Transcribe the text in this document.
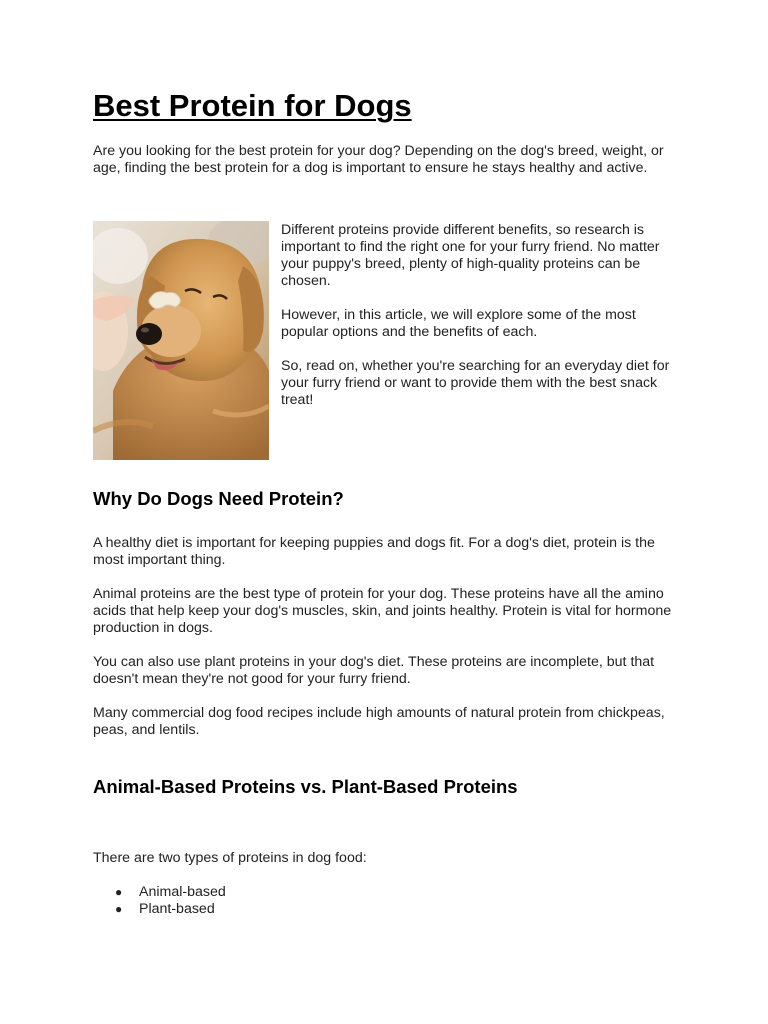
Best Protein for Dogs

Are you looking for the best protein for your dog? Depending on the dog's breed, weight, or age, finding the best protein for a dog is important to ensure he stays healthy and active.

Different proteins provide different benefits, so research is important to find the right one for your furry friend. No matter your puppy's breed, plenty of high-quality proteins can be chosen.

However, in this article, we will explore some of the most popular options and the benefits of each.

So, read on, whether you're searching for an everyday diet for your furry friend or want to provide them with the best snack treat!

Why Do Dogs Need Protein?

A healthy diet is important for keeping puppies and dogs fit. For a dog's diet, protein is the most important thing.

Animal proteins are the best type of protein for your dog. These proteins have all the amino acids that help keep your dog's muscles, skin, and joints healthy. Protein is vital for hormone production in dogs.

You can also use plant proteins in your dog's diet. These proteins are incomplete, but that doesn't mean they're not good for your furry friend.

Many commercial dog food recipes include high amounts of natural protein from chickpeas, peas, and lentils.

Animal-Based Proteins vs. Plant-Based Proteins

There are two types of proteins in dog food:

● Animal-based
● Plant-based
